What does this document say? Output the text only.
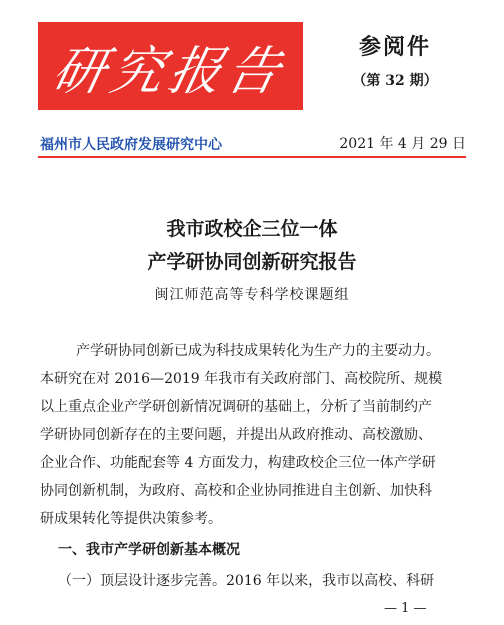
研究报告	参阅件
（第 32 期）
福州市人民政府发展研究中心	2021 年 4 月 29 日
我市政校企三位一体
产学研协同创新研究报告
闽江师范高等专科学校课题组
产学研协同创新已成为科技成果转化为生产力的主要动力。
本研究在对 2016—2019 年我市有关政府部门、高校院所、规模
以上重点企业产学研创新情况调研的基础上，分析了当前制约产
学研协同创新存在的主要问题，并提出从政府推动、高校激励、
企业合作、功能配套等 4 方面发力，构建政校企三位一体产学研
协同创新机制，为政府、高校和企业协同推进自主创新、加快科
研成果转化等提供决策参考。
一、我市产学研创新基本概况
（一）顶层设计逐步完善。2016 年以来，我市以高校、科研
— 1 —
